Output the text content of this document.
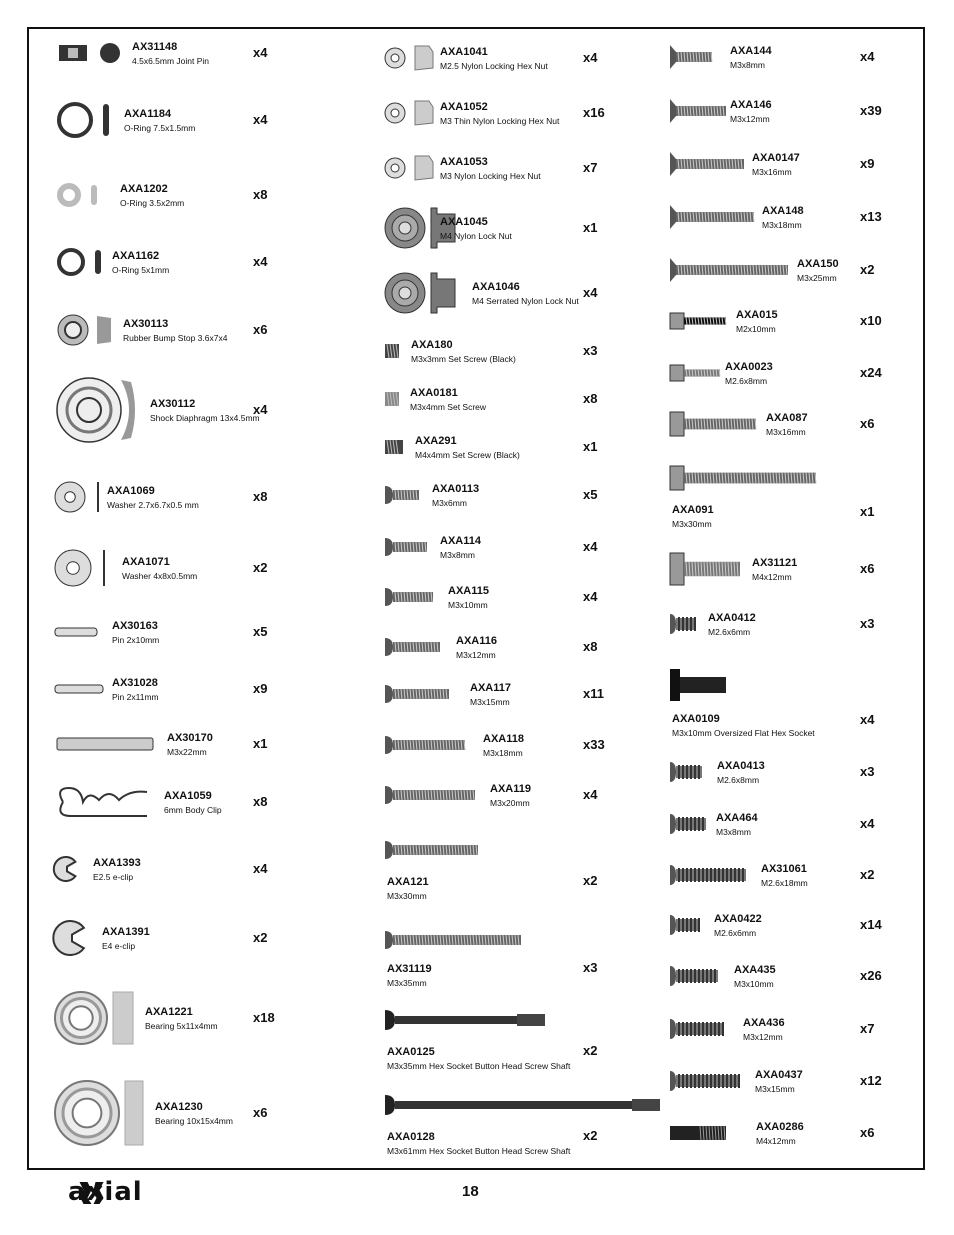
AX31148
4.5x6.5mm Joint Pin
x4
AXA1184
O-Ring 7.5x1.5mm
x4
AXA1202
O-Ring 3.5x2mm
x8
AXA1162
O-Ring 5x1mm
x4
AX30113
Rubber Bump Stop 3.6x7x4
x6
AX30112
Shock Diaphragm 13x4.5mm
x4
AXA1069
Washer 2.7x6.7x0.5 mm
x8
AXA1071
Washer 4x8x0.5mm
x2
AX30163
Pin 2x10mm
x5
AX31028
Pin 2x11mm
x9
AX30170
M3x22mm
x1
AXA1059
6mm Body Clip
x8
AXA1393
E2.5 e-clip
x4
AXA1391
E4 e-clip
x2
AXA1221
Bearing 5x11x4mm
x18
AXA1230
Bearing 10x15x4mm
x6
AXA1041
M2.5 Nylon Locking Hex Nut
x4
AXA1052
M3 Thin Nylon Locking Hex Nut
x16
AXA1053
M3 Nylon Locking Hex Nut
x7
AXA1045
M4 Nylon Lock Nut
x1
AXA1046
M4 Serrated Nylon Lock Nut
x4
AXA180
M3x3mm Set Screw (Black)
x3
AXA0181
M3x4mm Set Screw
x8
AXA291
M4x4mm Set Screw (Black)
x1
AXA0113
M3x6mm
x5
AXA114
M3x8mm
x4
AXA115
M3x10mm
x4
AXA116
M3x12mm
x8
AXA117
M3x15mm
x11
AXA118
M3x18mm
x33
AXA119
M3x20mm
x4
AXA121
M3x30mm
x2
AX31119
M3x35mm
x3
AXA0125
M3x35mm Hex Socket Button Head Screw Shaft
x2
AXA0128
M3x61mm Hex Socket Button Head Screw Shaft
x2
AXA144
M3x8mm
x4
AXA146
M3x12mm
x39
AXA0147
M3x16mm
x9
AXA148
M3x18mm
x13
AXA150
M3x25mm
x2
AXA015
M2x10mm
x10
AXA0023
M2.6x8mm
x24
AXA087
M3x16mm
x6
AXA091
M3x30mm
x1
AX31121
M4x12mm
x6
AXA0412
M2.6x6mm
x3
AXA0109
M3x10mm Oversized Flat Hex Socket
x4
AXA0413
M2.6x8mm
x3
AXA464
M3x8mm
x4
AX31061
M2.6x18mm
x2
AXA0422
M2.6x6mm
x14
AXA435
M3x10mm
x26
AXA436
M3x12mm
x7
AXA0437
M3x15mm
x12
AXA0286
M4x12mm
x6
axial	18
